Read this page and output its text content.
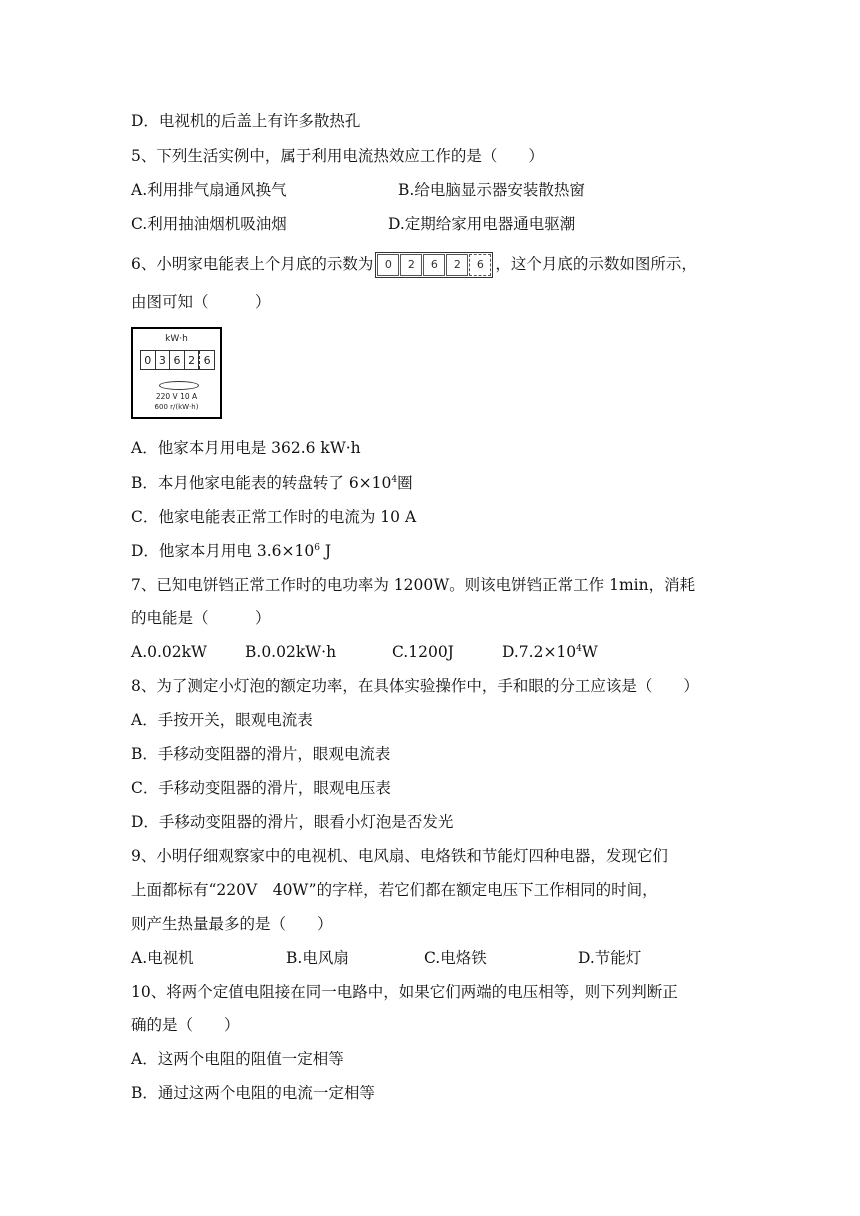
D．电视机的后盖上有许多散热孔
5、下列生活实例中，属于利用电流热效应工作的是（　　）
A.利用排气扇通风换气	B.给电脑显示器安装散热窗
C.利用抽油烟机吸油烟	D.定期给家用电器通电驱潮
6、小明家电能表上个月底的示数为	0	2	6	2	6 ，这个月底的示数如图所示，
由图可知（　　　）
kW·h
0 3 6 2 6
220 V 10 A
600 r/(kW·h)
A．他家本月用电是 362.6 kW·h
B．本月他家电能表的转盘转了 $6\times 10^4$圈
C．他家电能表正常工作时的电流为 10 A
D．他家本月用电 $3.6\times 10^6$ J
7、已知电饼铛正常工作时的电功率为 1200W。则该电饼铛正常工作 1min，消耗
的电能是（　　　）
A.0.02kW B.0.02kW·h	C.1200J	$D.7.2\times 10^4W$
8、为了测定小灯泡的额定功率，在具体实验操作中，手和眼的分工应该是（　　）
A．手按开关，眼观电流表
B．手移动变阻器的滑片，眼观电流表
C．手移动变阻器的滑片，眼观电压表
D．手移动变阻器的滑片，眼看小灯泡是否发光
9、小明仔细观察家中的电视机、电风扇、电烙铁和节能灯四种电器，发现它们
上面都标有“220V　40W”的字样，若它们都在额定电压下工作相同的时间，
则产生热量最多的是（　　）
A.电视机	B.电风扇	C.电烙铁	D.节能灯
10、将两个定值电阻接在同一电路中，如果它们两端的电压相等，则下列判断正
确的是（　　）
A．这两个电阻的阻值一定相等
B．通过这两个电阻的电流一定相等
